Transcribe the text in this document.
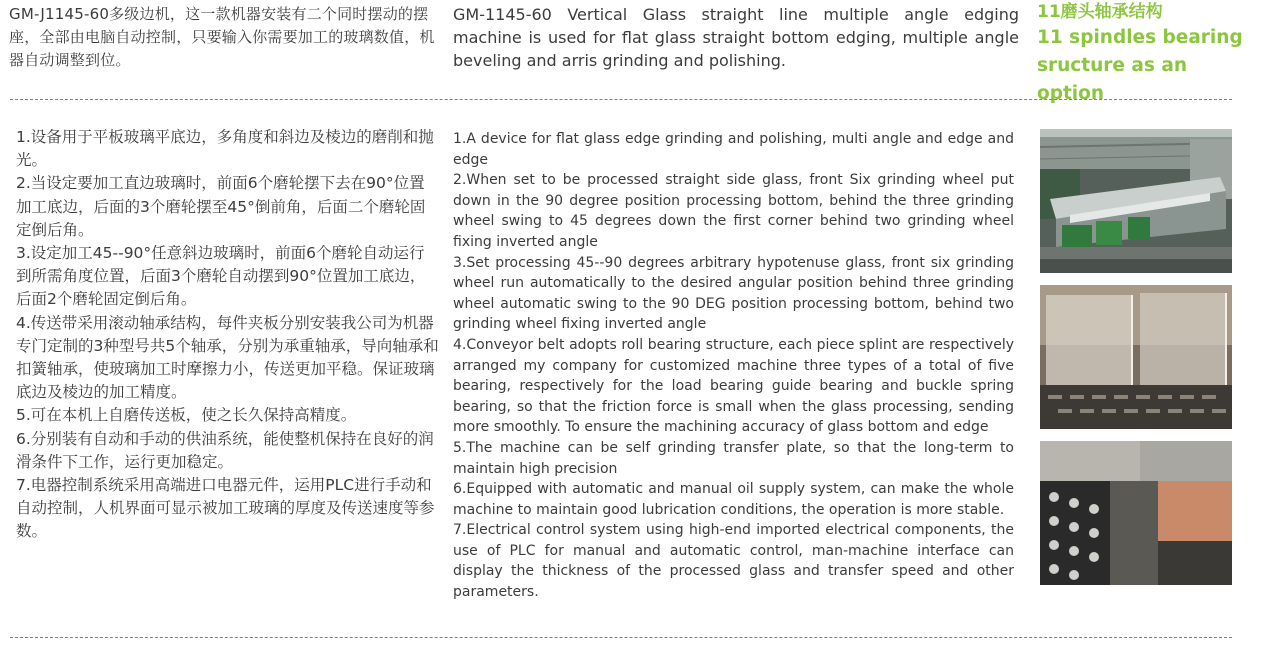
GM-J1145-60多级边机，这一款机器安装有二个同时摆动的摆座，全部由电脑自动控制，只要输入你需要加工的玻璃数值，机器自动调整到位。

GM-1145-60 Vertical Glass straight line multiple angle edging machine is used for flat glass straight bottom edging, multiple angle beveling and arris grinding and polishing.

11磨头轴承结构
11 spindles bearing sructure as an option
1.设备用于平板玻璃平底边，多角度和斜边及棱边的磨削和抛光。
2.当设定要加工直边玻璃时，前面6个磨轮摆下去在90°位置加工底边，后面的3个磨轮摆至45°倒前角，后面二个磨轮固定倒后角。
3.设定加工45--90°任意斜边玻璃时，前面6个磨轮自动运行到所需角度位置，后面3个磨轮自动摆到90°位置加工底边，后面2个磨轮固定倒后角。
4.传送带采用滚动轴承结构，每件夹板分别安装我公司为机器专门定制的3种型号共5个轴承，分别为承重轴承，导向轴承和扣簧轴承，使玻璃加工时摩擦力小，传送更加平稳。保证玻璃底边及棱边的加工精度。
5.可在本机上自磨传送板，使之长久保持高精度。
6.分别装有自动和手动的供油系统，能使整机保持在良好的润滑条件下工作，运行更加稳定。
7.电器控制系统采用高端进口电器元件，运用PLC进行手动和自动控制，人机界面可显示被加工玻璃的厚度及传送速度等参数。
1.A device for flat glass edge grinding and polishing, multi angle and edge and edge
2.When set to be processed straight side glass, front Six grinding wheel put down in the 90 degree position processing bottom, behind the three grinding wheel swing to 45 degrees down the first corner behind two grinding wheel fixing inverted angle
3.Set processing 45--90 degrees arbitrary hypotenuse glass, front six grinding wheel run automatically to the desired angular position behind three grinding wheel automatic swing to the 90 DEG position processing bottom, behind two grinding wheel fixing inverted angle
4.Conveyor belt adopts roll bearing structure, each piece splint are respectively arranged my company for customized machine three types of a total of five bearing, respectively for the load bearing guide bearing and buckle spring bearing, so that the friction force is small when the glass processing, sending more smoothly. To ensure the machining accuracy of glass bottom and edge
5.The machine can be self grinding transfer plate, so that the long-term to maintain high precision
6.Equipped with automatic and manual oil supply system, can make the whole machine to maintain good lubrication conditions, the operation is more stable.
7.Electrical control system using high-end imported electrical components, the use of PLC for manual and automatic control, man-machine interface can display the thickness of the processed glass and transfer speed and other parameters.
